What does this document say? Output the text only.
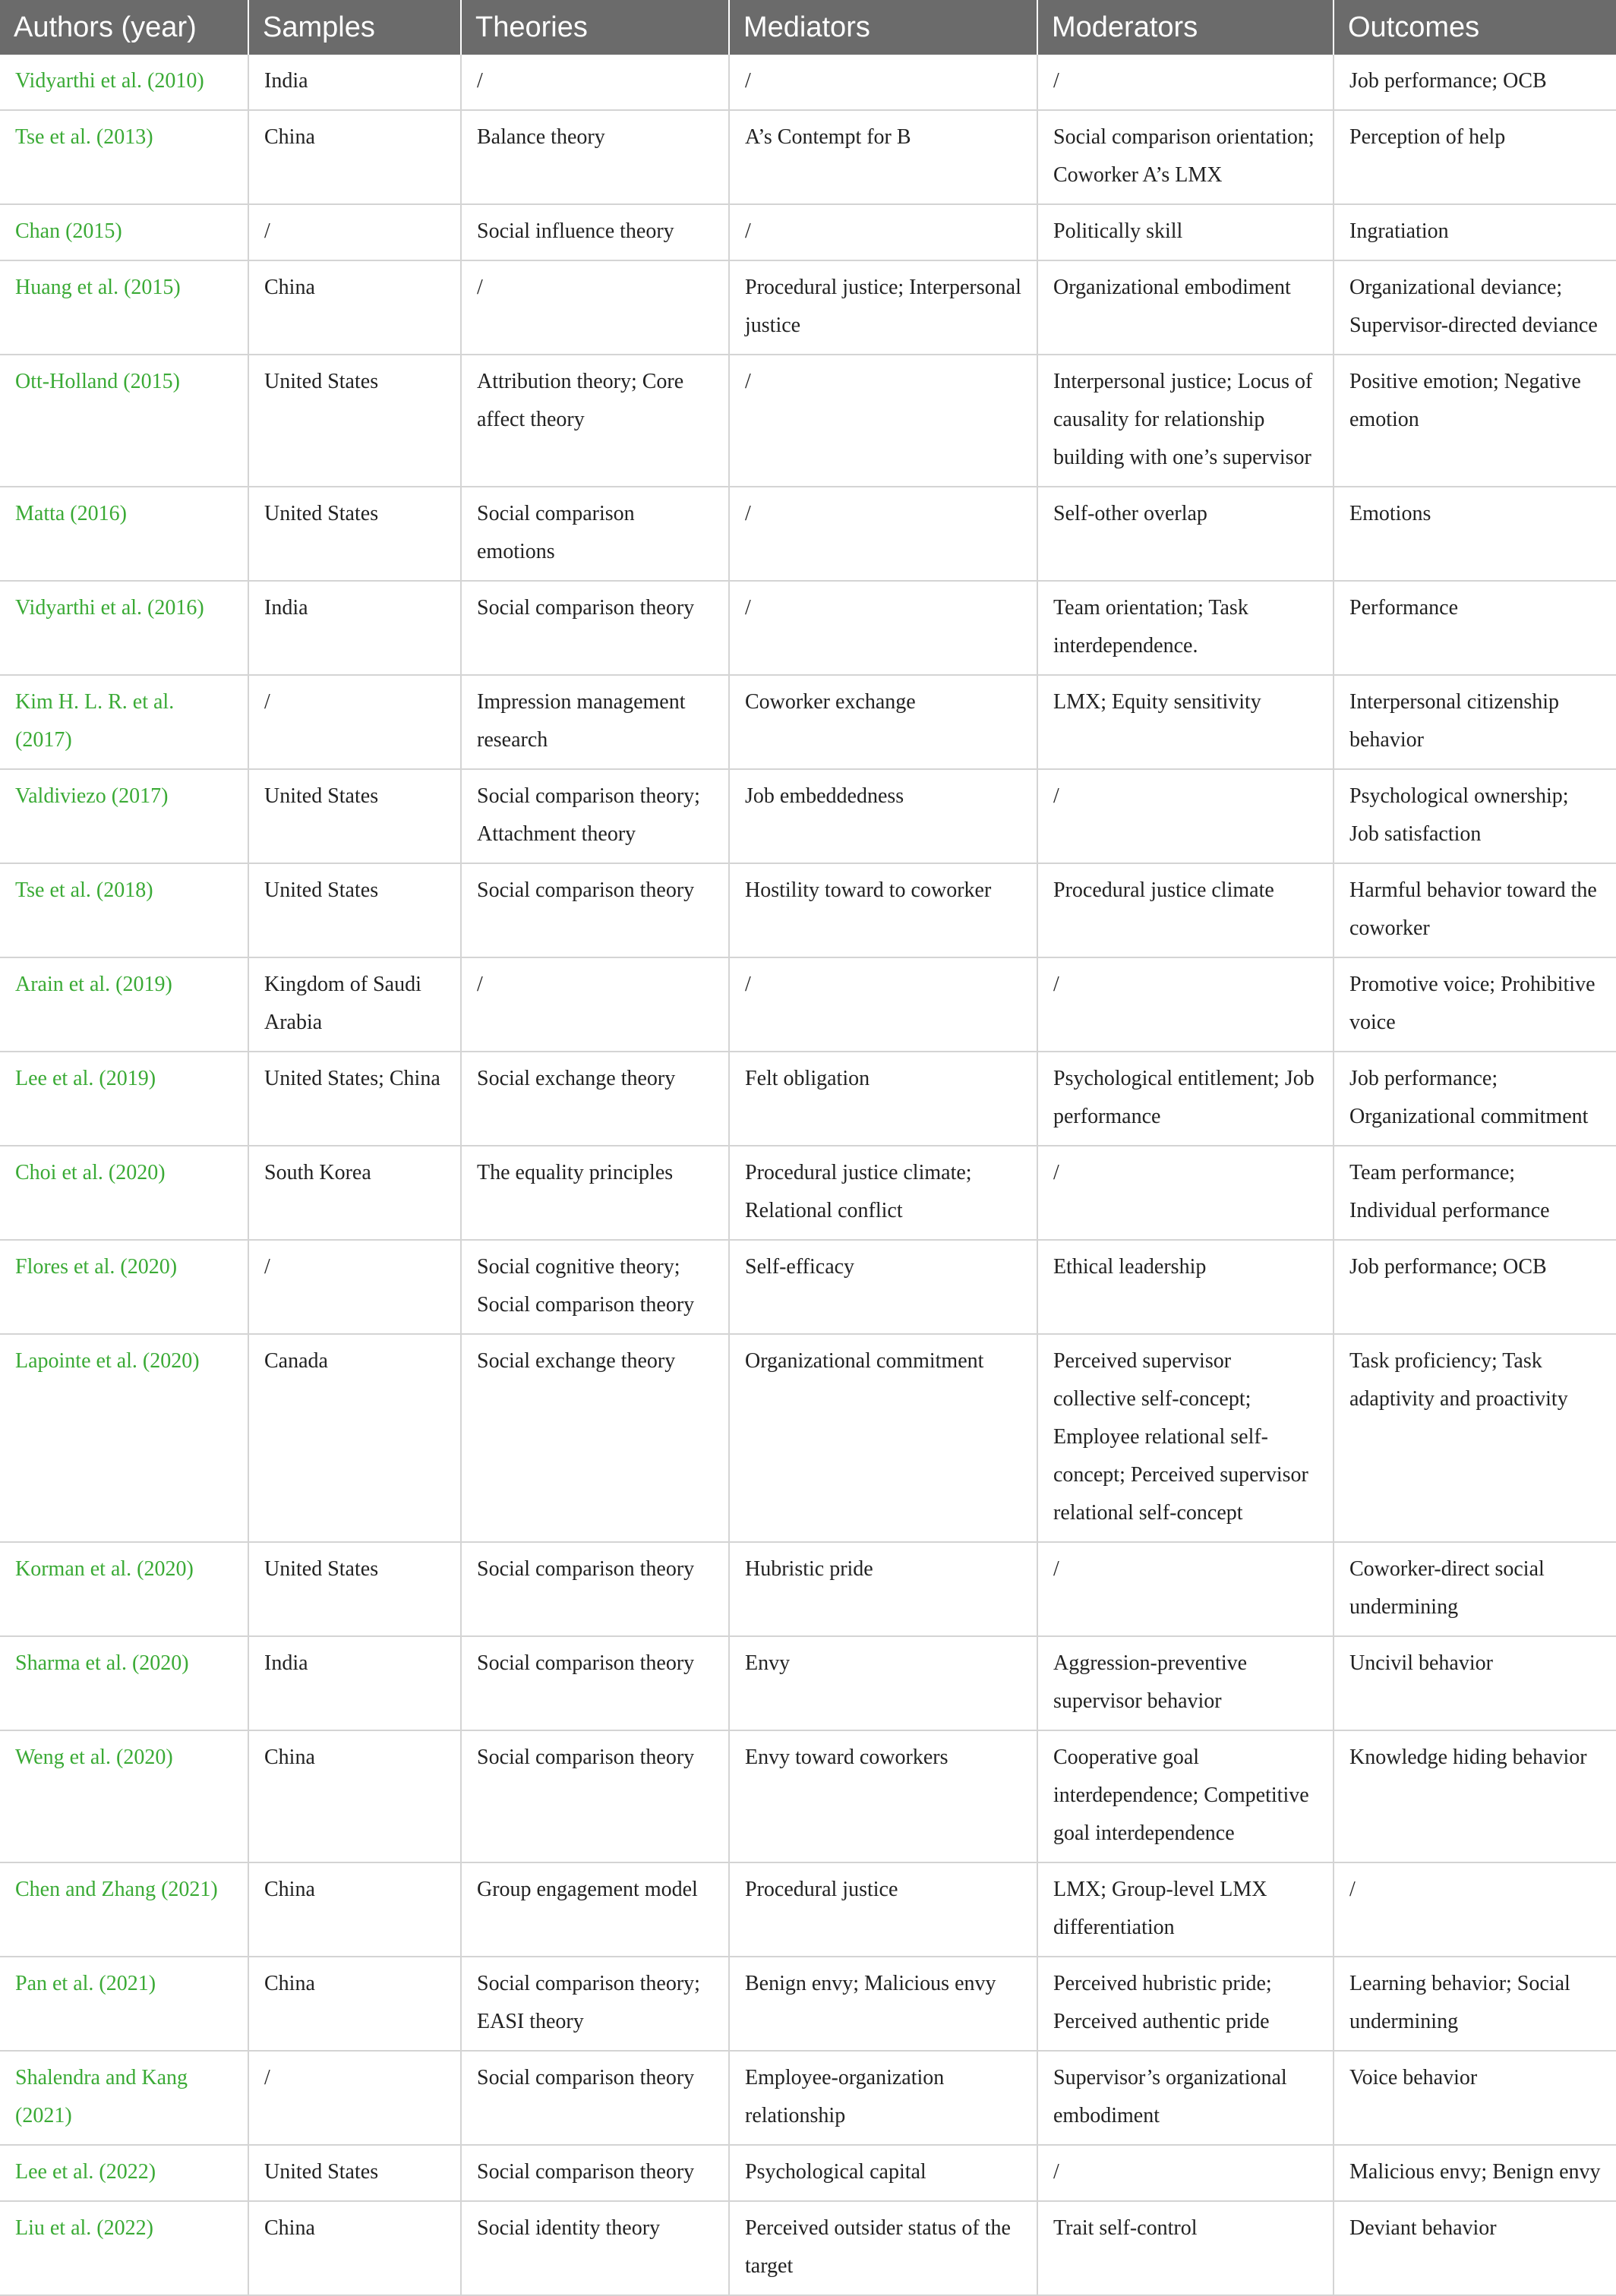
Authors (year)	Samples	Theories	Mediators	Moderators	Outcomes
Vidyarthi et al. (2010)	India	/	/	/	Job performance; OCB
Tse et al. (2013)	China	Balance theory	A’s Contempt for B	Social comparison orientation; Coworker A’s LMX	Perception of help
Chan (2015)	/	Social influence theory	/	Politically skill	Ingratiation
Huang et al. (2015)	China	/	Procedural justice; Interpersonal justice	Organizational embodiment	Organizational deviance; Supervisor-directed deviance
Ott-Holland (2015)	United States	Attribution theory; Core affect theory	/	Interpersonal justice; Locus of causality for relationship building with one’s supervisor	Positive emotion; Negative emotion
Matta (2016)	United States	Social comparison emotions	/	Self-other overlap	Emotions
Vidyarthi et al. (2016)	India	Social comparison theory	/	Team orientation; Task interdependence.	Performance
Kim H. L. R. et al. (2017)	/	Impression management research	Coworker exchange	LMX; Equity sensitivity	Interpersonal citizenship behavior
Valdiviezo (2017)	United States	Social comparison theory; Attachment theory	Job embeddedness	/	Psychological ownership; Job satisfaction
Tse et al. (2018)	United States	Social comparison theory	Hostility toward to coworker	Procedural justice climate	Harmful behavior toward the coworker
Arain et al. (2019)	Kingdom of Saudi Arabia	/	/	/	Promotive voice; Prohibitive voice
Lee et al. (2019)	United States; China	Social exchange theory	Felt obligation	Psychological entitlement; Job performance	Job performance; Organizational commitment
Choi et al. (2020)	South Korea	The equality principles	Procedural justice climate; Relational conflict	/	Team performance; Individual performance
Flores et al. (2020)	/	Social cognitive theory; Social comparison theory	Self-efficacy	Ethical leadership	Job performance; OCB
Lapointe et al. (2020)	Canada	Social exchange theory	Organizational commitment	Perceived supervisor collective self-concept; Employee relational self-concept; Perceived supervisor relational self-concept	Task proficiency; Task adaptivity and proactivity
Korman et al. (2020)	United States	Social comparison theory	Hubristic pride	/	Coworker-direct social undermining
Sharma et al. (2020)	India	Social comparison theory	Envy	Aggression-preventive supervisor behavior	Uncivil behavior
Weng et al. (2020)	China	Social comparison theory	Envy toward coworkers	Cooperative goal interdependence; Competitive goal interdependence	Knowledge hiding behavior
Chen and Zhang (2021)	China	Group engagement model	Procedural justice	LMX; Group-level LMX differentiation	/
Pan et al. (2021)	China	Social comparison theory; EASI theory	Benign envy; Malicious envy	Perceived hubristic pride; Perceived authentic pride	Learning behavior; Social undermining
Shalendra and Kang (2021)	/	Social comparison theory	Employee-organization relationship	Supervisor’s organizational embodiment	Voice behavior
Lee et al. (2022)	United States	Social comparison theory	Psychological capital	/	Malicious envy; Benign envy
Liu et al. (2022)	China	Social identity theory	Perceived outsider status of the target	Trait self-control	Deviant behavior
